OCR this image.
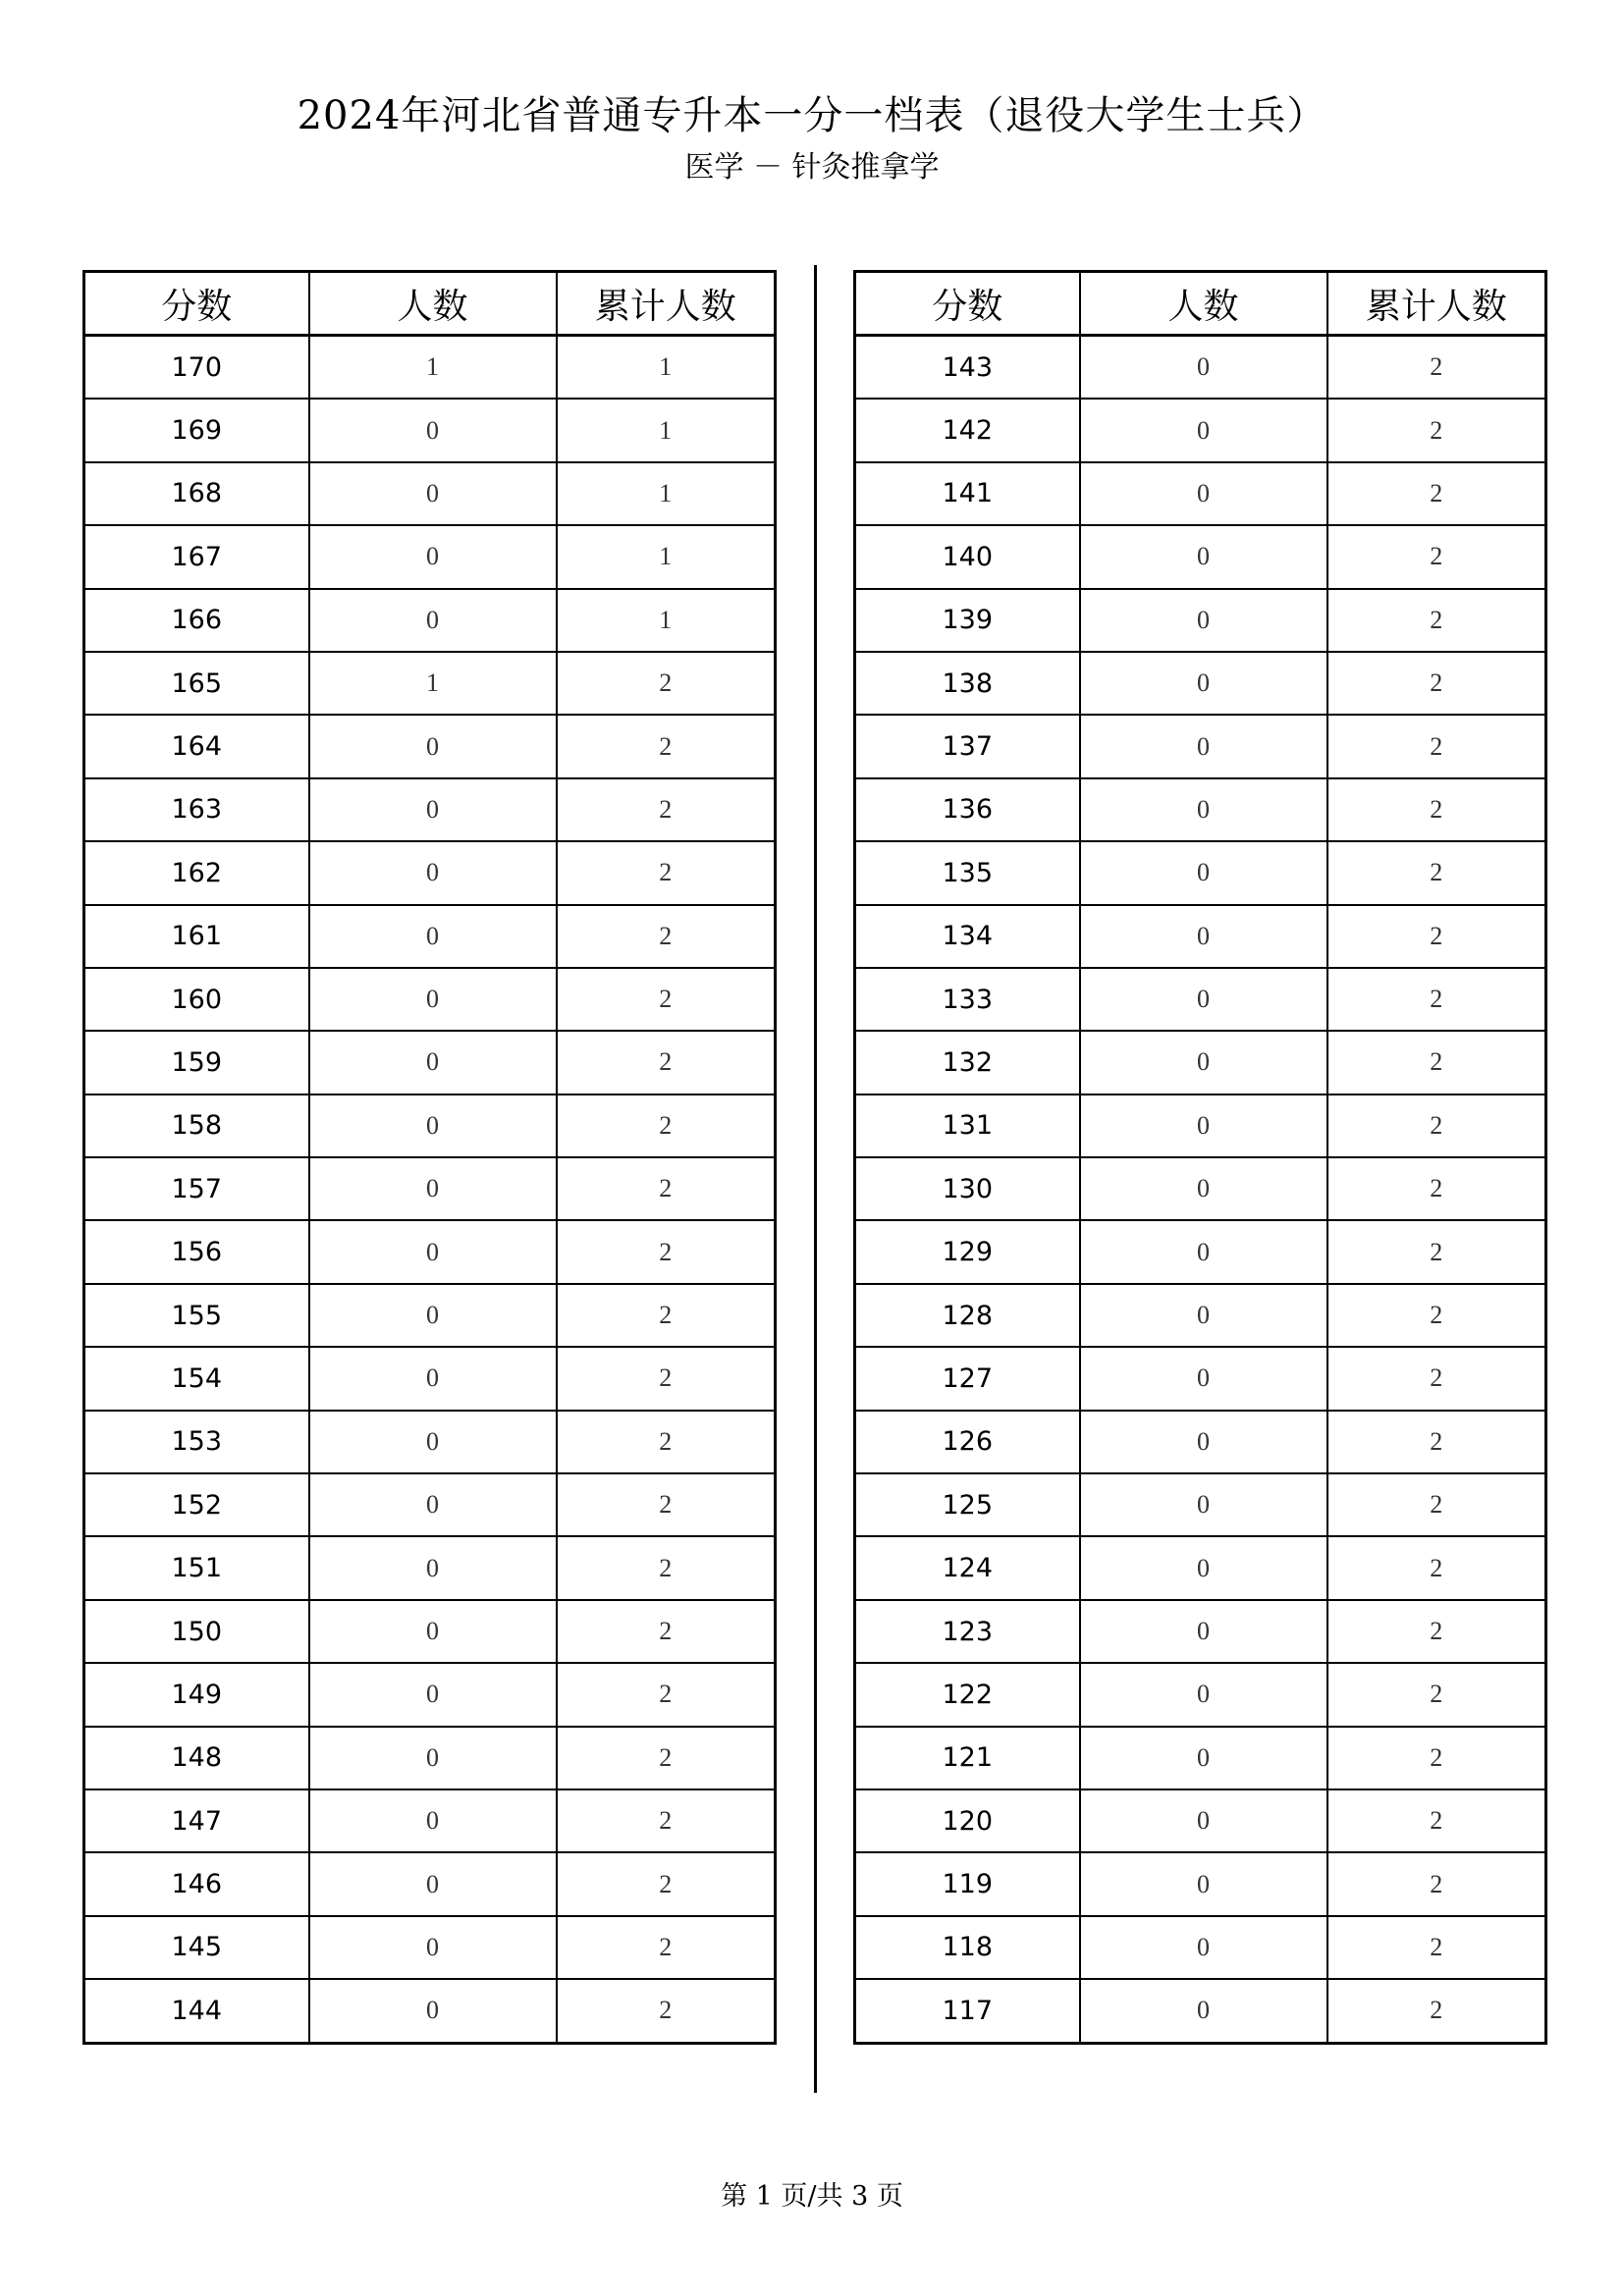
2024年河北省普通专升本一分一档表（退役大学生士兵）
医学 － 针灸推拿学
分数	人数	累计人数
170	1	1
169	0	1
168	0	1
167	0	1
166	0	1
165	1	2
164	0	2
163	0	2
162	0	2
161	0	2
160	0	2
159	0	2
158	0	2
157	0	2
156	0	2
155	0	2
154	0	2
153	0	2
152	0	2
151	0	2
150	0	2
149	0	2
148	0	2
147	0	2
146	0	2
145	0	2
144	0	2
分数	人数	累计人数
143	0	2
142	0	2
141	0	2
140	0	2
139	0	2
138	0	2
137	0	2
136	0	2
135	0	2
134	0	2
133	0	2
132	0	2
131	0	2
130	0	2
129	0	2
128	0	2
127	0	2
126	0	2
125	0	2
124	0	2
123	0	2
122	0	2
121	0	2
120	0	2
119	0	2
118	0	2
117	0	2
第 1 页/共 3 页
